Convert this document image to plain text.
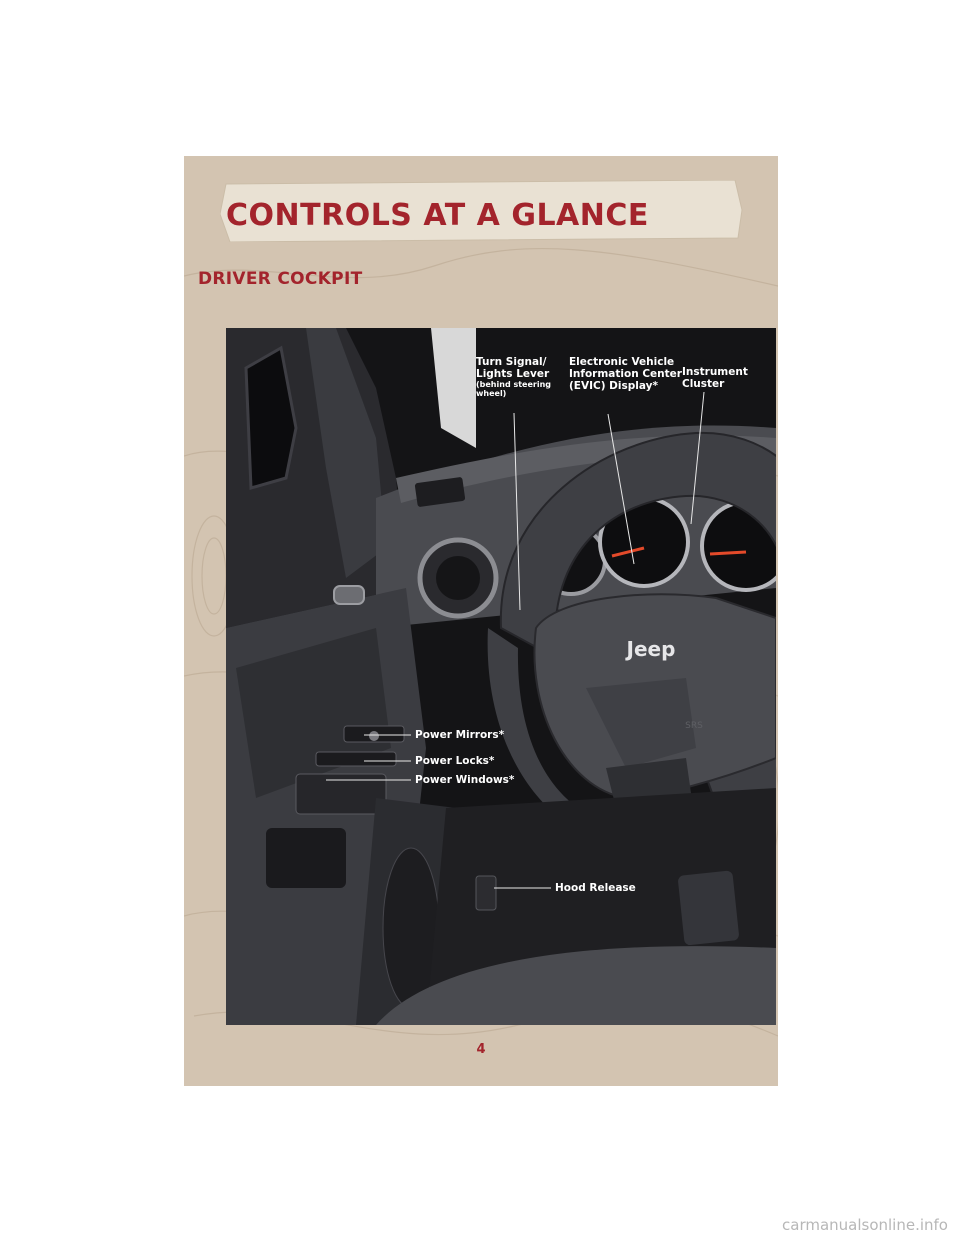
CONTROLS AT A GLANCE
DRIVER COCKPIT
Jeep
SRS
Turn Signal/
Lights Lever
(behind steering
wheel)
Electronic Vehicle
Information Center
(EVIC) Display*
Instrument
Cluster
Power Mirrors*
Power Locks*
Power Windows*
Hood Release
4
carmanualsonline.info
